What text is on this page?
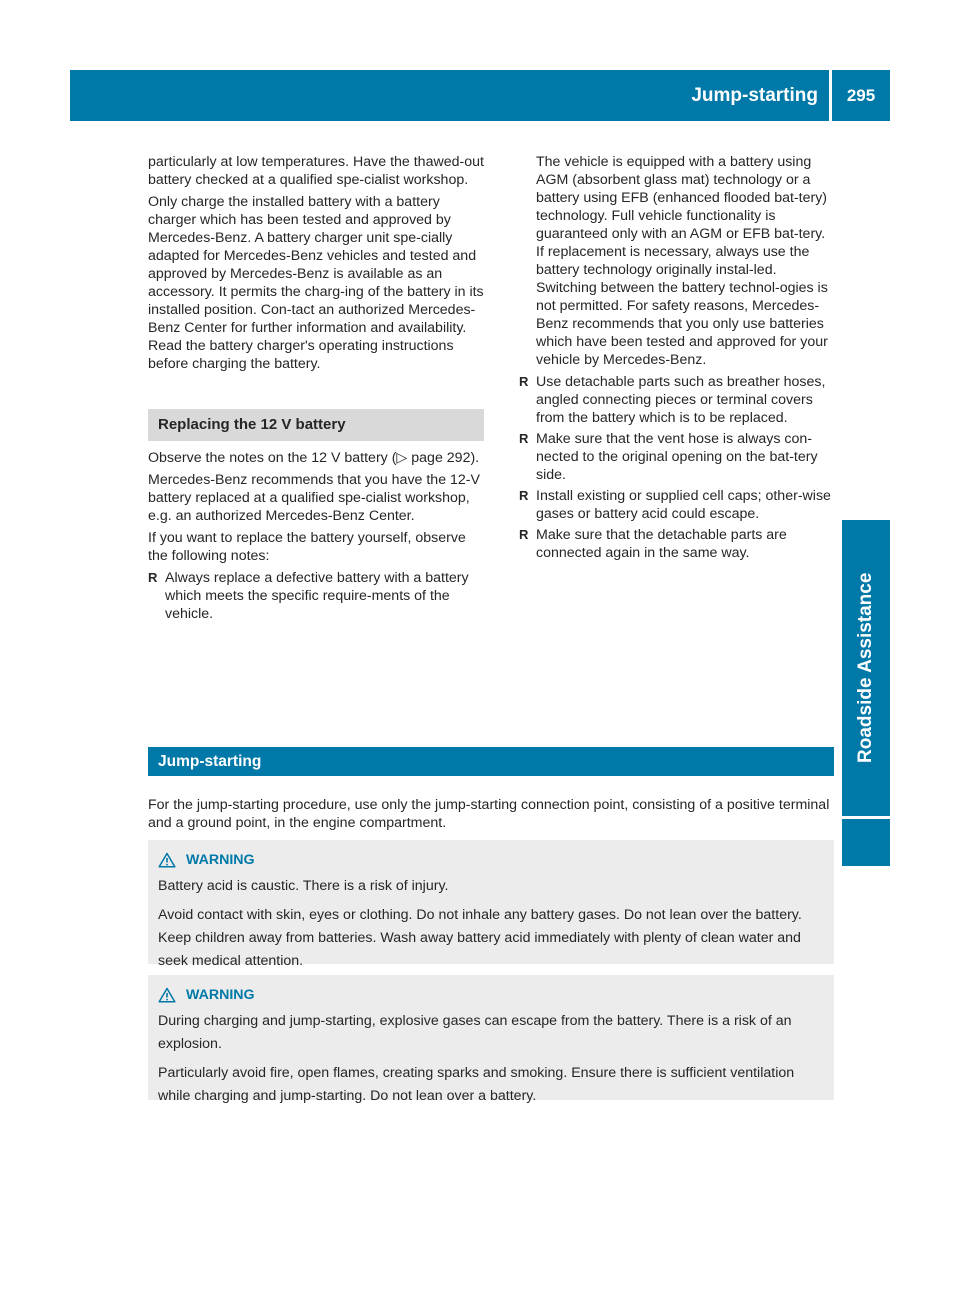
Jump-starting	295
Roadside Assistance

particularly at low temperatures. Have the thawed-out battery checked at a qualified spe-cialist workshop.

Only charge the installed battery with a battery charger which has been tested and approved by Mercedes-Benz. A battery charger unit spe-cially adapted for Mercedes-Benz vehicles and tested and approved by Mercedes-Benz is available as an accessory. It permits the charg-ing of the battery in its installed position. Con-tact an authorized Mercedes-Benz Center for further information and availability. Read the battery charger's operating instructions before charging the battery.

Replacing the 12 V battery

Observe the notes on the 12 V battery (▷ page 292).

Mercedes-Benz recommends that you have the 12-V battery replaced at a qualified spe-cialist workshop, e.g. an authorized Mercedes-Benz Center.

If you want to replace the battery yourself, observe the following notes:

R Always replace a defective battery with a battery which meets the specific require-ments of the vehicle.

The vehicle is equipped with a battery using AGM (absorbent glass mat) technology or a battery using EFB (enhanced flooded bat-tery) technology. Full vehicle functionality is guaranteed only with an AGM or EFB bat-tery. If replacement is necessary, always use the battery technology originally instal-led. Switching between the battery technol-ogies is not permitted. For safety reasons, Mercedes-Benz recommends that you only use batteries which have been tested and approved for your vehicle by Mercedes-Benz.

R Use detachable parts such as breather hoses, angled connecting pieces or terminal covers from the battery which is to be replaced.
R Make sure that the vent hose is always con-nected to the original opening on the bat-tery side.
R Install existing or supplied cell caps; other-wise gases or battery acid could escape.
R Make sure that the detachable parts are connected again in the same way.
Jump-starting
For the jump-starting procedure, use only the jump-starting connection point, consisting of a positive terminal and a ground point, in the engine compartment.
WARNING

Battery acid is caustic. There is a risk of injury.

Avoid contact with skin, eyes or clothing. Do not inhale any battery gases. Do not lean over the battery. Keep children away from batteries. Wash away battery acid immediately with plenty of clean water and seek medical attention.

WARNING

During charging and jump-starting, explosive gases can escape from the battery. There is a risk of an explosion.

Particularly avoid fire, open flames, creating sparks and smoking. Ensure there is sufficient ventilation while charging and jump-starting. Do not lean over a battery.
